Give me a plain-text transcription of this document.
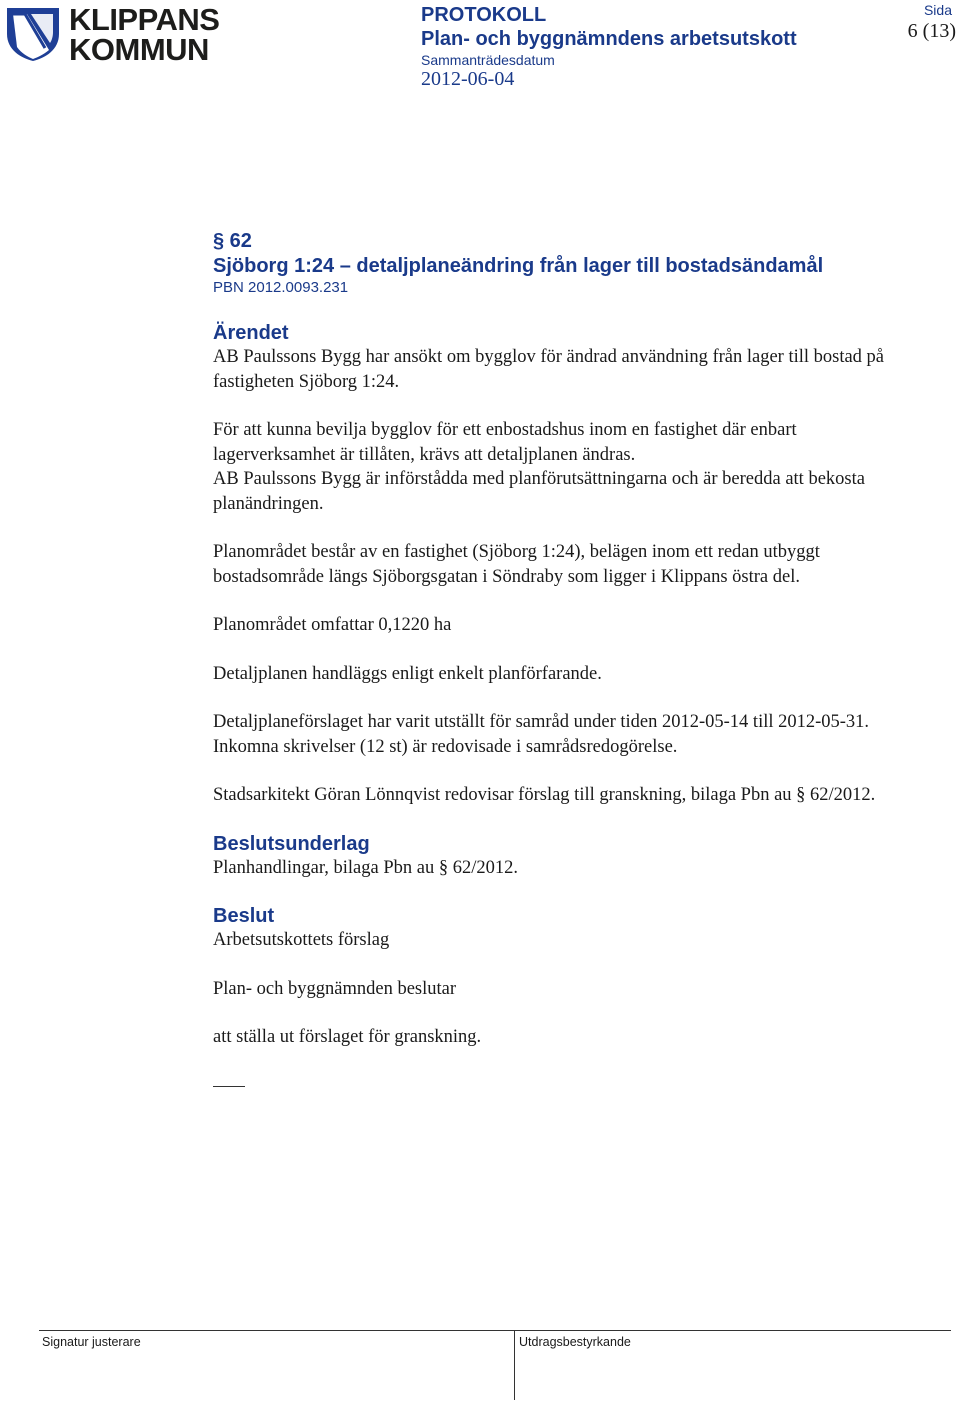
KLIPPANS
KOMMUN
PROTOKOLL
Plan- och byggnämndens arbetsutskott
Sammanträdesdatum
2012-06-04
Sida
6 (13)
§ 62
Sjöborg 1:24 – detaljplaneändring från lager till bostadsändamål
PBN 2012.0093.231
Ärendet
AB Paulssons Bygg har ansökt om bygglov för ändrad användning från lager till bostad på fastigheten Sjöborg 1:24.
För att kunna bevilja bygglov för ett enbostadshus inom en fastighet där enbart lagerverksamhet är tillåten, krävs att detaljplanen ändras.
AB Paulssons Bygg är införstådda med planförutsättningarna och är beredda att bekosta planändringen.
Planområdet består av en fastighet (Sjöborg 1:24), belägen inom ett redan utbyggt bostadsområde längs Sjöborgsgatan i Söndraby som ligger i Klippans östra del.
Planområdet omfattar 0,1220 ha
Detaljplanen handläggs enligt enkelt planförfarande.
Detaljplaneförslaget har varit utställt för samråd under tiden 2012-05-14 till 2012-05-31. Inkomna skrivelser (12 st) är redovisade i samrådsredogörelse.
Stadsarkitekt Göran Lönnqvist redovisar förslag till granskning, bilaga Pbn au § 62/2012.
Beslutsunderlag
Planhandlingar, bilaga Pbn au § 62/2012.
Beslut
Arbetsutskottets förslag
Plan- och byggnämnden beslutar
att ställa ut förslaget för granskning.
Signatur justerare	Utdragsbestyrkande
